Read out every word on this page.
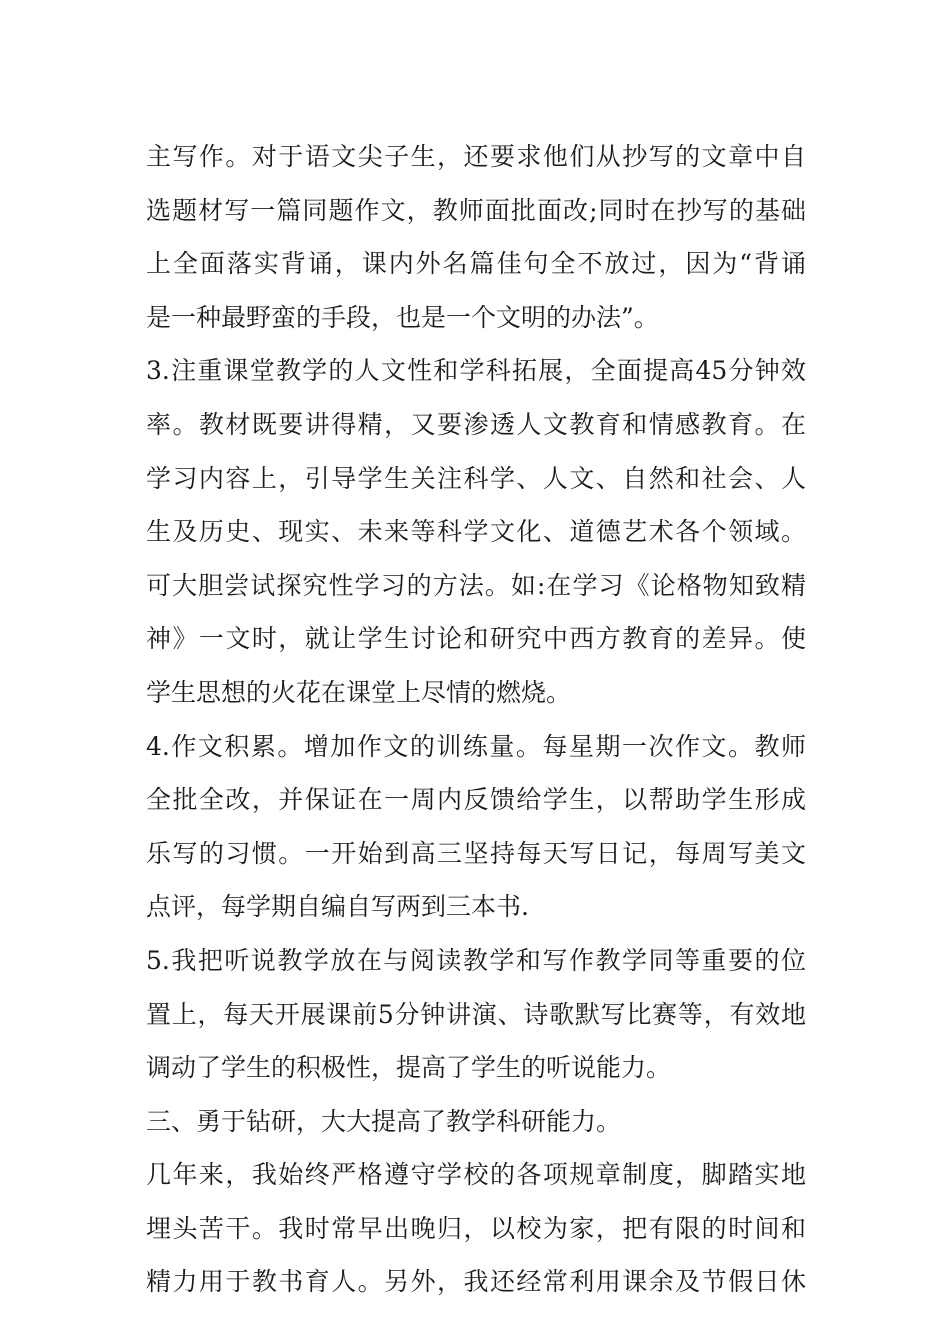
主写作。对于语文尖子生，还要求他们从抄写的文章中自
选题材写一篇同题作文，教师面批面改;同时在抄写的基础
上全面落实背诵，课内外名篇佳句全不放过，因为“背诵
是一种最野蛮的手段，也是一个文明的办法”。
3.注重课堂教学的人文性和学科拓展，全面提高45分钟效
率。教材既要讲得精，又要渗透人文教育和情感教育。在
学习内容上，引导学生关注科学、人文、自然和社会、人
生及历史、现实、未来等科学文化、道德艺术各个领域。
可大胆尝试探究性学习的方法。如:在学习《论格物知致精
神》一文时，就让学生讨论和研究中西方教育的差异。使
学生思想的火花在课堂上尽情的燃烧。
4.作文积累。增加作文的训练量。每星期一次作文。教师
全批全改，并保证在一周内反馈给学生，以帮助学生形成
乐写的习惯。一开始到高三坚持每天写日记，每周写美文
点评，每学期自编自写两到三本书.
5.我把听说教学放在与阅读教学和写作教学同等重要的位
置上，每天开展课前5分钟讲演、诗歌默写比赛等，有效地
调动了学生的积极性，提高了学生的听说能力。
三、勇于钻研，大大提高了教学科研能力。
几年来，我始终严格遵守学校的各项规章制度，脚踏实地
埋头苦干。我时常早出晚归，以校为家，把有限的时间和
精力用于教书育人。另外，我还经常利用课余及节假日休
